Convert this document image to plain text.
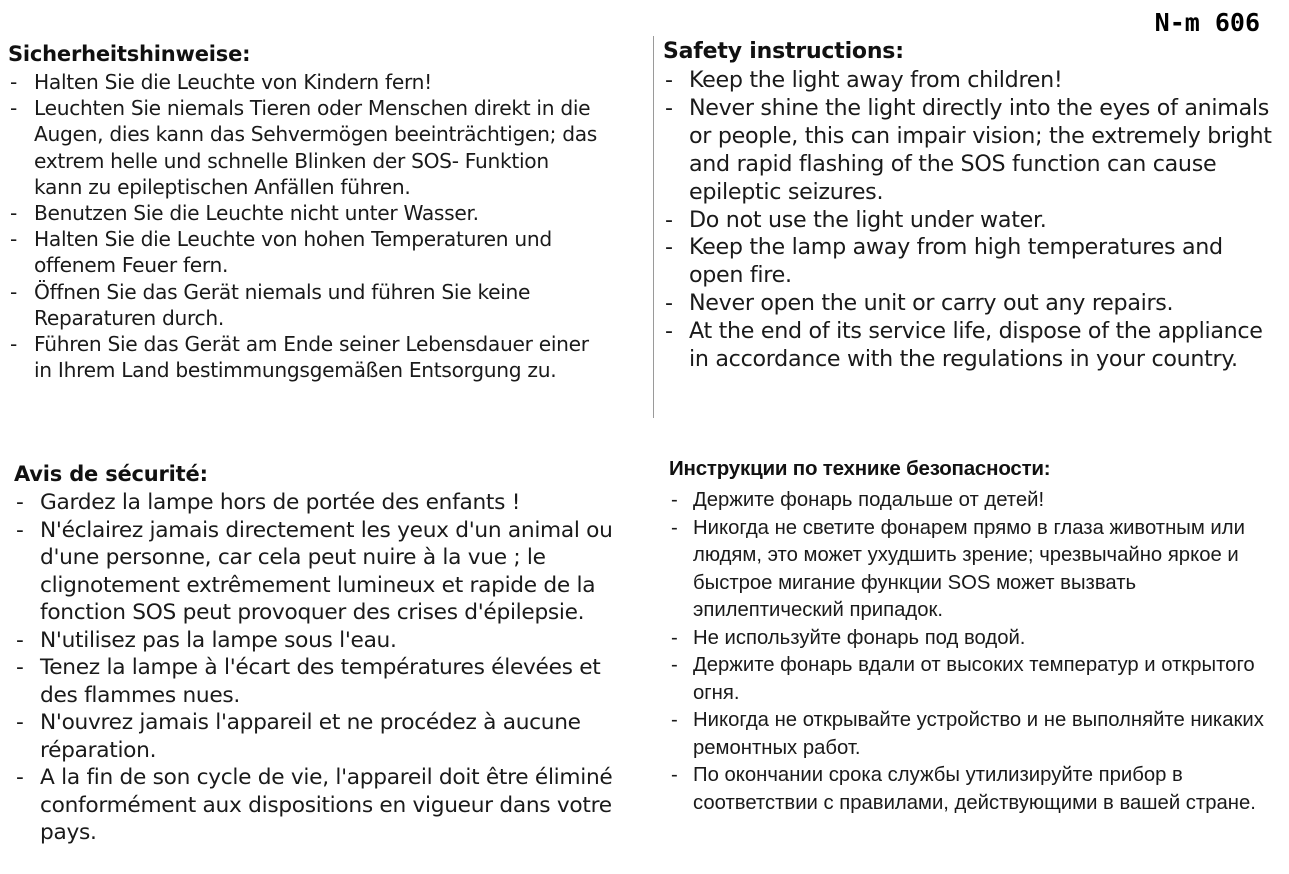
N-m 606
Sicherheitshinweise:
- Halten Sie die Leuchte von Kindern fern!
- Leuchten Sie niemals Tieren oder Menschen direkt in die Augen, dies kann das Sehvermögen beeinträchtigen; das extrem helle und schnelle Blinken der SOS- Funktion kann zu epileptischen Anfällen führen.
- Benutzen Sie die Leuchte nicht unter Wasser.
- Halten Sie die Leuchte von hohen Temperaturen und offenem Feuer fern.
- Öffnen Sie das Gerät niemals und führen Sie keine Reparaturen durch.
- Führen Sie das Gerät am Ende seiner Lebensdauer einer in Ihrem Land bestimmungsgemäßen Entsorgung zu.
Safety instructions:
- Keep the light away from children!
- Never shine the light directly into the eyes of animals or people, this can impair vision; the extremely bright and rapid flashing of the SOS function can cause epileptic seizures.
- Do not use the light under water.
- Keep the lamp away from high temperatures and open fire.
- Never open the unit or carry out any repairs.
- At the end of its service life, dispose of the appliance in accordance with the regulations in your country.
Avis de sécurité:
- Gardez la lampe hors de portée des enfants !
- N'éclairez jamais directement les yeux d'un animal ou d'une personne, car cela peut nuire à la vue ; le clignotement extrêmement lumineux et rapide de la fonction SOS peut provoquer des crises d'épilepsie.
- N'utilisez pas la lampe sous l'eau.
- Tenez la lampe à l'écart des températures élevées et des flammes nues.
- N'ouvrez jamais l'appareil et ne procédez à aucune réparation.
- A la fin de son cycle de vie, l'appareil doit être éliminé conformément aux dispositions en vigueur dans votre pays.
Инструкции по технике безопасности:
- Держите фонарь подальше от детей!
- Никогда не светите фонарем прямо в глаза животным или людям, это может ухудшить зрение; чрезвычайно яркое и быстрое мигание функции SOS может вызвать эпилептический припадок.
- Не используйте фонарь под водой.
- Держите фонарь вдали от высоких температур и открытого огня.
- Никогда не открывайте устройство и не выполняйте никаких ремонтных работ.
- По окончании срока службы утилизируйте прибор в соответствии с правилами, действующими в вашей стране.
